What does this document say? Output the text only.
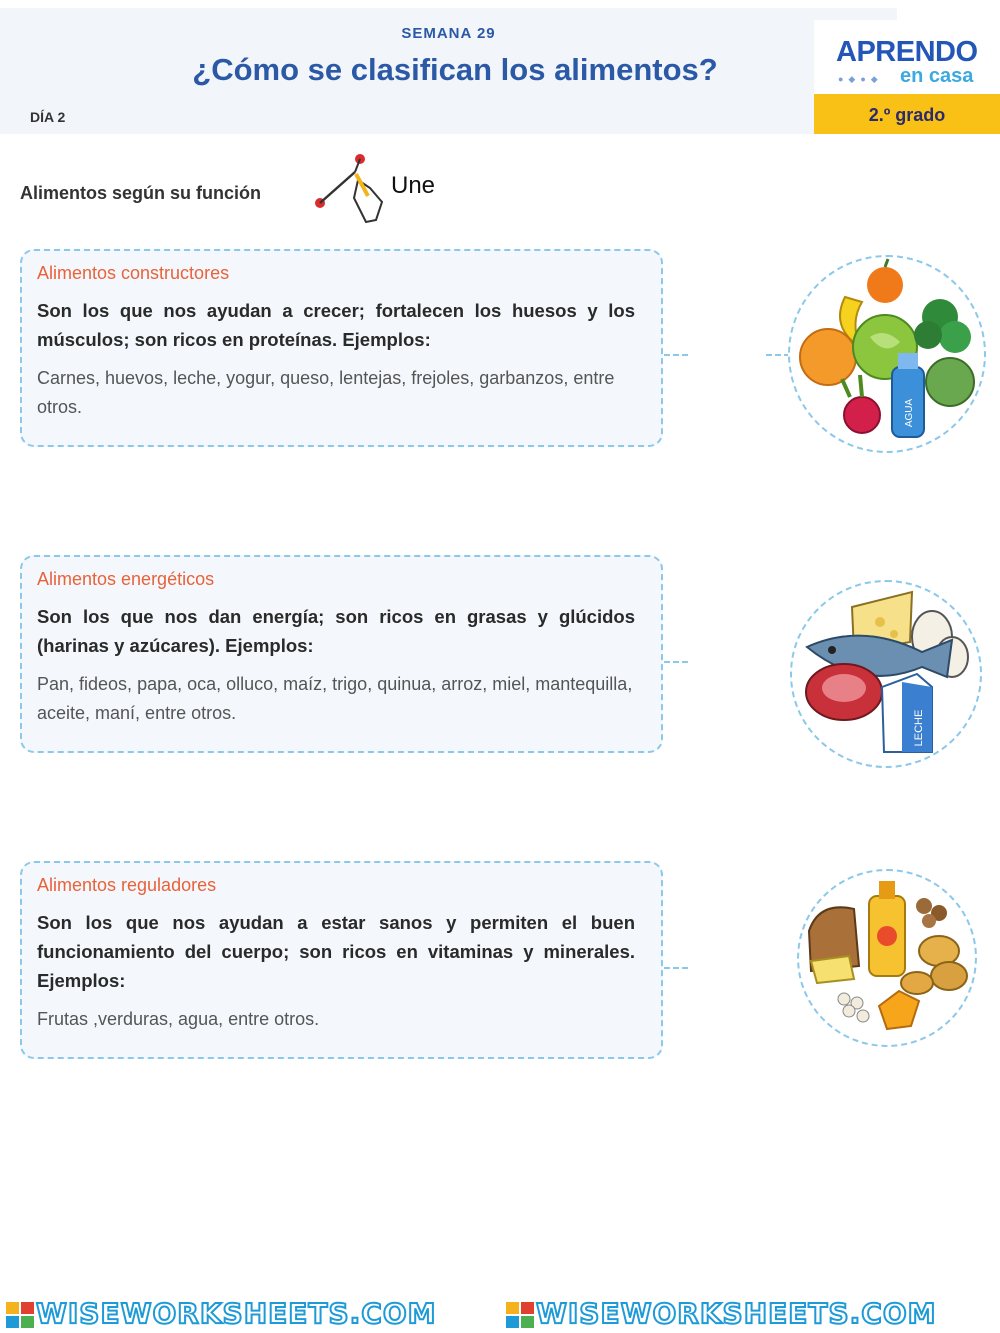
SEMANA 29
¿Cómo se clasifican los alimentos?
DÍA 2
APRENDO
●◆●◆ en casa
2.º grado
Alimentos según su función	Une
Alimentos constructores
Son los que nos ayudan a crecer; fortalecen los huesos y los músculos; son ricos en proteínas. Ejemplos:
Carnes, huevos, leche, yogur, queso, lentejas, frejoles, garbanzos, entre otros.
Alimentos energéticos
Son los que nos dan energía; son ricos en grasas y glúcidos (harinas y azúcares). Ejemplos:
Pan, fideos, papa, oca, olluco, maíz, trigo, quinua, arroz, miel, mantequilla, aceite, maní, entre otros.
Alimentos reguladores
Son los que nos ayudan a estar sanos y permiten el buen funcionamiento del cuerpo; son ricos en vitaminas y minerales. Ejemplos:
Frutas ,verduras, agua, entre otros.
AGUA
LECHE
WISEWORKSHEETS.COM	WISEWORKSHEETS.COM
